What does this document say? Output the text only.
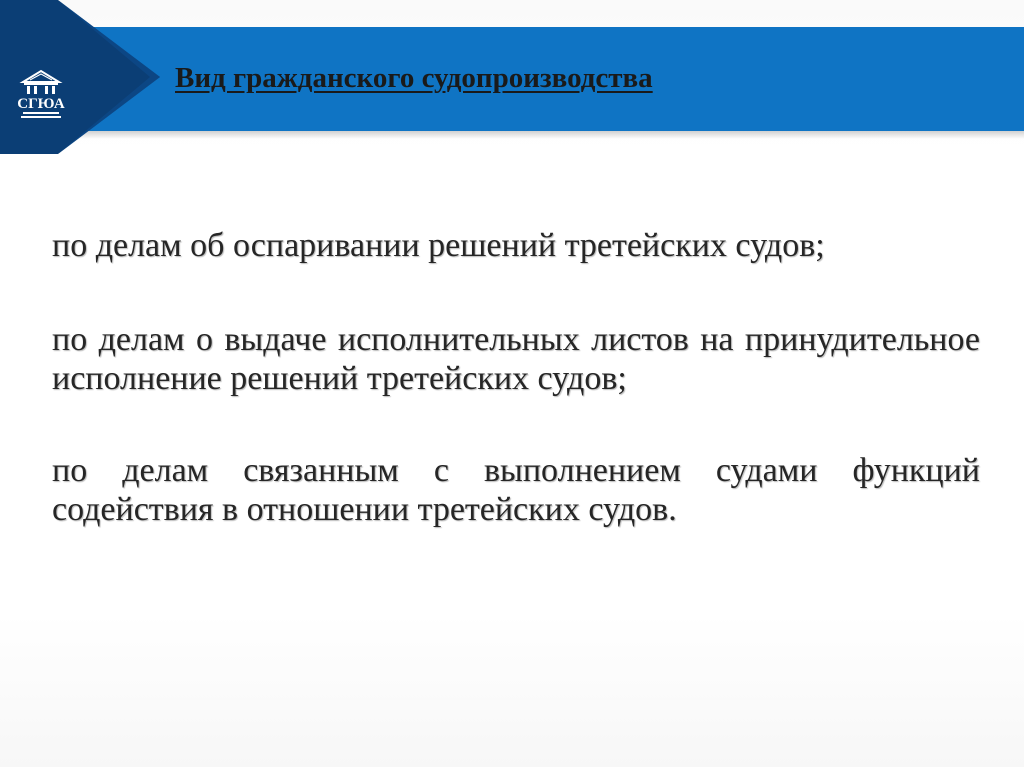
СГЮА
Вид гражданского судопроизводства

по делам об оспаривании решений третейских судов;

по делам о выдаче исполнительных листов на принудительное исполнение решений третейских судов;

по делам связанным с выполнением судами функций содействия в отношении третейских судов.
